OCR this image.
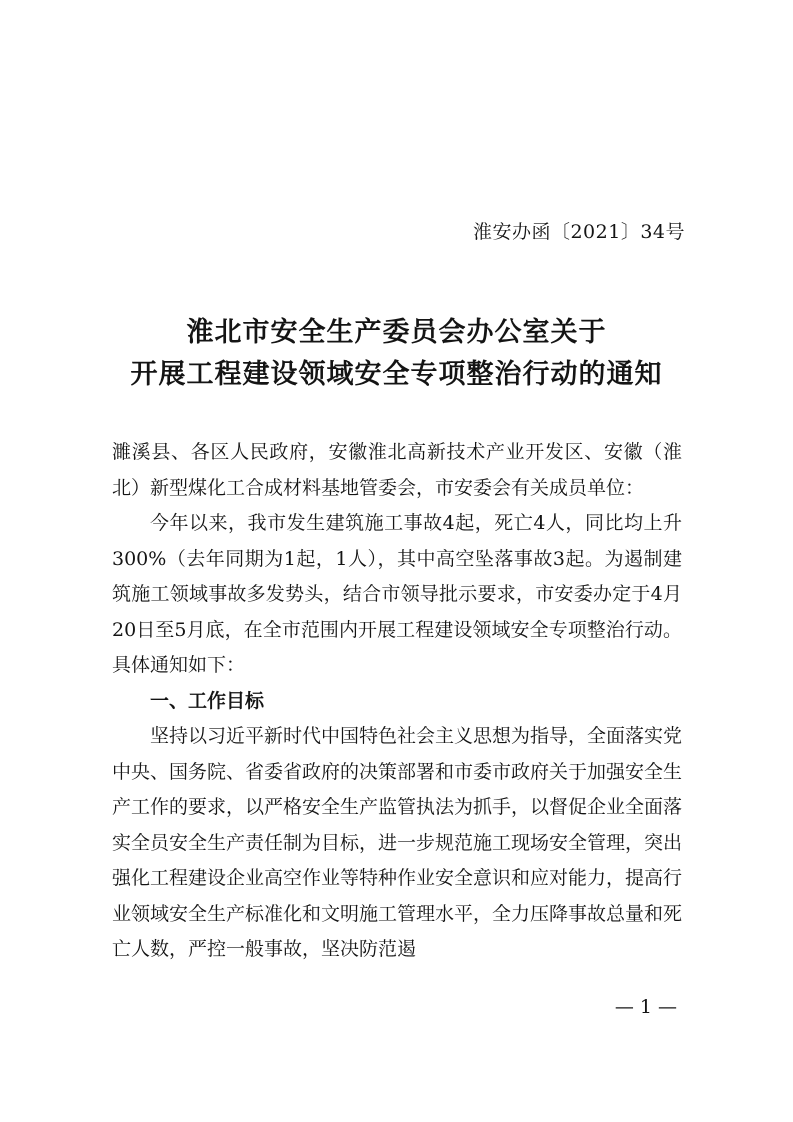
淮安办函〔2021〕34号
淮北市安全生产委员会办公室关于
开展工程建设领域安全专项整治行动的通知

濉溪县、各区人民政府，安徽淮北高新技术产业开发区、安徽（淮北）新型煤化工合成材料基地管委会，市安委会有关成员单位：

今年以来，我市发生建筑施工事故4起，死亡4人，同比均上升300%（去年同期为1起，1人），其中高空坠落事故3起。为遏制建筑施工领域事故多发势头，结合市领导批示要求，市安委办定于4月20日至5月底，在全市范围内开展工程建设领域安全专项整治行动。具体通知如下：

一、工作目标

坚持以习近平新时代中国特色社会主义思想为指导，全面落实党中央、国务院、省委省政府的决策部署和市委市政府关于加强安全生产工作的要求，以严格安全生产监管执法为抓手，以督促企业全面落实全员安全生产责任制为目标，进一步规范施工现场安全管理，突出强化工程建设企业高空作业等特种作业安全意识和应对能力，提高行业领域安全生产标准化和文明施工管理水平，全力压降事故总量和死亡人数，严控一般事故，坚决防范遏

— 1 —
